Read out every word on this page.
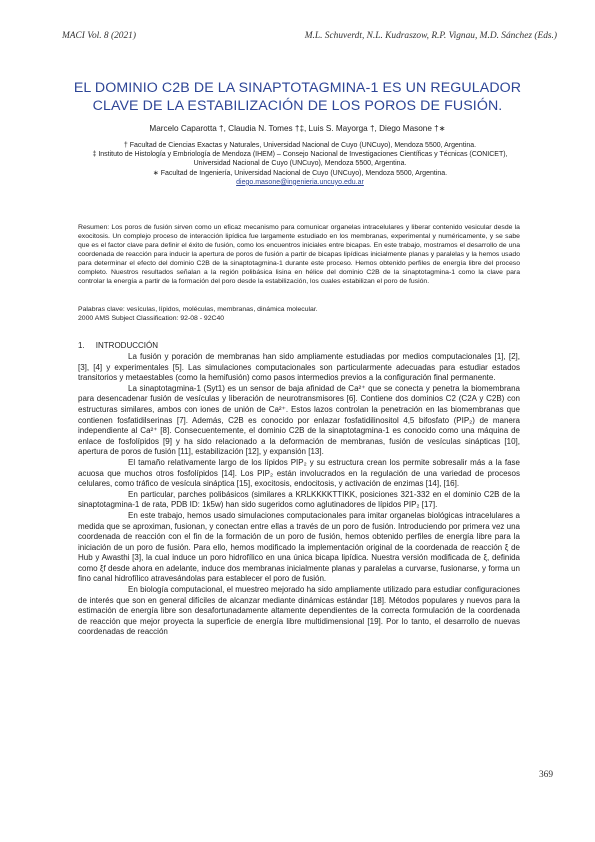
MACI Vol. 8 (2021)	M.L. Schuverdt, N.L. Kudraszow, R.P. Vignau, M.D. Sánchez (Eds.)
EL DOMINIO C2B DE LA SINAPTOTAGMINA-1 ES UN REGULADOR
CLAVE DE LA ESTABILIZACIÓN DE LOS POROS DE FUSIÓN.
Marcelo Caparotta †, Claudia N. Tomes †‡, Luis S. Mayorga †, Diego Masone †∗
† Facultad de Ciencias Exactas y Naturales, Universidad Nacional de Cuyo (UNCuyo), Mendoza 5500, Argentina.
‡ Instituto de Histología y Embriología de Mendoza (IHEM) – Consejo Nacional de Investigaciones Científicas y Técnicas (CONICET), Universidad Nacional de Cuyo (UNCuyo), Mendoza 5500, Argentina.
∗ Facultad de Ingeniería, Universidad Nacional de Cuyo (UNCuyo), Mendoza 5500, Argentina.
diego.masone@ingenieria.uncuyo.edu.ar
Resumen: Los poros de fusión sirven como un eficaz mecanismo para comunicar organelas intracelulares y liberar contenido vesicular desde la exocitosis. Un complejo proceso de interacción lipídica fue largamente estudiado en los membranas, experimental y numéricamente, y se sabe que es el factor clave para definir el éxito de fusión, como los encuentros iniciales entre bicapas. En este trabajo, mostramos el desarrollo de una coordenada de reacción para inducir la apertura de poros de fusión a partir de bicapas lipídicas inicialmente planas y paralelas y la hemos usado para determinar el efecto del dominio C2B de la sinaptotagmina-1 durante este proceso. Hemos obtenido perfiles de energía libre del proceso completo. Nuestros resultados señalan a la región polibásica lisina en hélice del dominio C2B de la sinaptotagmina-1 como la clave para controlar la energía a partir de la formación del poro desde la estabilización, los cuales estabilizan el poro de fusión.
Palabras clave: vesículas, lípidos, moléculas, membranas, dinámica molecular.
2000 AMS Subject Classification: 92-08 - 92C40
1. INTRODUCCIÓN

La fusión y poración de membranas han sido ampliamente estudiadas por medios computacionales [1], [2], [3], [4] y experimentales [5]. Las simulaciones computacionales son particularmente adecuadas para estudiar estados transitorios y metaestables (como la hemifusión) como pasos intermedios previos a la configuración final permanente.

La sinaptotagmina-1 (Syt1) es un sensor de baja afinidad de Ca²⁺ que se conecta y penetra la biomembrana para desencadenar fusión de vesículas y liberación de neurotransmisores [6]. Contiene dos dominios C2 (C2A y C2B) con estructuras similares, ambos con iones de unión de Ca²⁺. Estos lazos controlan la penetración en las biomembranas que contienen fosfatidilserinas [7]. Además, C2B es conocido por enlazar fosfatidilinositol 4,5 bifosfato (PIP₂) de manera independiente al Ca²⁺ [8]. Consecuentemente, el dominio C2B de la sinaptotagmina-1 es conocido como una máquina de enlace de fosfolípidos [9] y ha sido relacionado a la deformación de membranas, fusión de vesículas sinápticas [10], apertura de poros de fusión [11], estabilización [12], y expansión [13].

El tamaño relativamente largo de los lípidos PIP₂ y su estructura crean los permite sobresalir más a la fase acuosa que muchos otros fosfolípidos [14]. Los PIP₂ están involucrados en la regulación de una variedad de procesos celulares, como tráfico de vesícula sináptica [15], exocitosis, endocitosis, y activación de enzimas [14], [16].

En particular, parches polibásicos (similares a KRLKKKKTTIKK, posiciones 321-332 en el dominio C2B de la sinaptotagmina-1 de rata, PDB ID: 1k5w) han sido sugeridos como aglutinadores de lípidos PIP₂ [17].

En este trabajo, hemos usado simulaciones computacionales para imitar organelas biológicas intracelulares a medida que se aproximan, fusionan, y conectan entre ellas a través de un poro de fusión. Introduciendo por primera vez una coordenada de reacción con el fin de la formación de un poro de fusión, hemos obtenido perfiles de energía libre para la iniciación de un poro de fusión. Para ello, hemos modificado la implementación original de la coordenada de reacción ξ de Hub y Awasthi [3], la cual induce un poro hidrofílico en una única bicapa lipídica. Nuestra versión modificada de ξ, definida como ξf desde ahora en adelante, induce dos membranas inicialmente planas y paralelas a curvarse, fusionarse, y forma un fino canal hidrofílico atravesándolas para establecer el poro de fusión.

En biología computacional, el muestreo mejorado ha sido ampliamente utilizado para estudiar configuraciones de interés que son en general difíciles de alcanzar mediante dinámicas estándar [18]. Métodos populares y nuevos para la estimación de energía libre son desafortunadamente altamente dependientes de la correcta formulación de la coordenada de reacción que mejor proyecta la superficie de energía libre multidimensional [19]. Por lo tanto, el desarrollo de nuevas coordenadas de reacción

369
